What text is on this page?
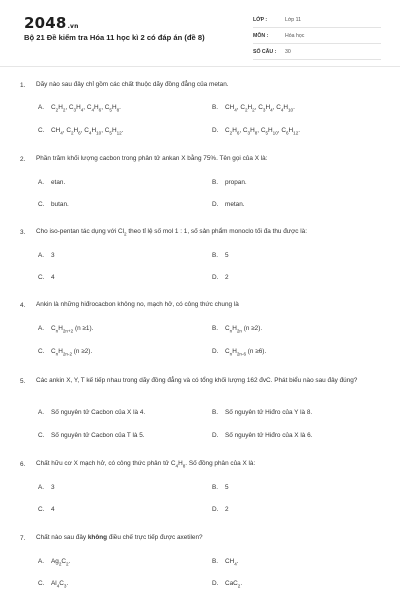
2048.vn
Bộ 21 Đề kiểm tra Hóa 11 học kì 2 có đáp án (đề 8)
LỚP :	Lớp 11
MÔN :	Hóa học
SỐ CÂU : 30
1. Dãy nào sau đây chỉ gồm các chất thuộc dãy đồng đẳng của metan.
A. $C_2H_2$, $C_3H_4$, $C_4H_6$, $C_5H_8$.	B. $CH_4$, $C_2H_2$, $C_3H_4$, $C_4H_{10}$.
C. $CH_4$, $C_2H_6$, $C_4H_{10}$, $C_5H_{12}$.	D. $C_2H_6$, $C_3H_8$, $C_5H_{10}$, $C_6H_{12}$.
2. Phần trăm khối lượng cacbon trong phân tử ankan X bằng 75%. Tên gọi của X là:
A. etan.	B. propan.
C. butan.	D. metan.
3. Cho iso-pentan tác dụng với $Cl_2$ theo tỉ lệ số mol 1 : 1, số sản phẩm monoclo tối đa thu được là:
A. 3	B. 5
C. 4	D. 2
4. Ankin là những hiđrocacbon không no, mạch hở, có công thức chung là
A. $C_nH_{2n+2}$ (n ≥1).	B. $C_nH_{2n}$ (n ≥2).
C. $C_nH_{2n-2}$ (n ≥2).	D. $C_nH_{2n-6}$ (n ≥6).
5. Các ankin X, Y, T kế tiếp nhau trong dãy đồng đẳng và có tổng khối lượng 162 đvC. Phát biểu nào sau đây đúng?
A. Số nguyên tử Cacbon của X là 4.	B. Số nguyên tử Hiđro của Y là 8.
C. Số nguyên tử Cacbon của T là 5.	D. Số nguyên tử Hiđro của X là 6.
6. Chất hữu cơ X mạch hở, có công thức phân tử $C_4H_8$. Số đồng phân của X là:
A. 3	B. 5
C. 4	D. 2
7. Chất nào sau đây không điều chế trực tiếp được axetilen?
A. $Ag_2C_2$.	B. $CH_4$.
C. $Al_4C_3$.	D. CaC$_2$.
